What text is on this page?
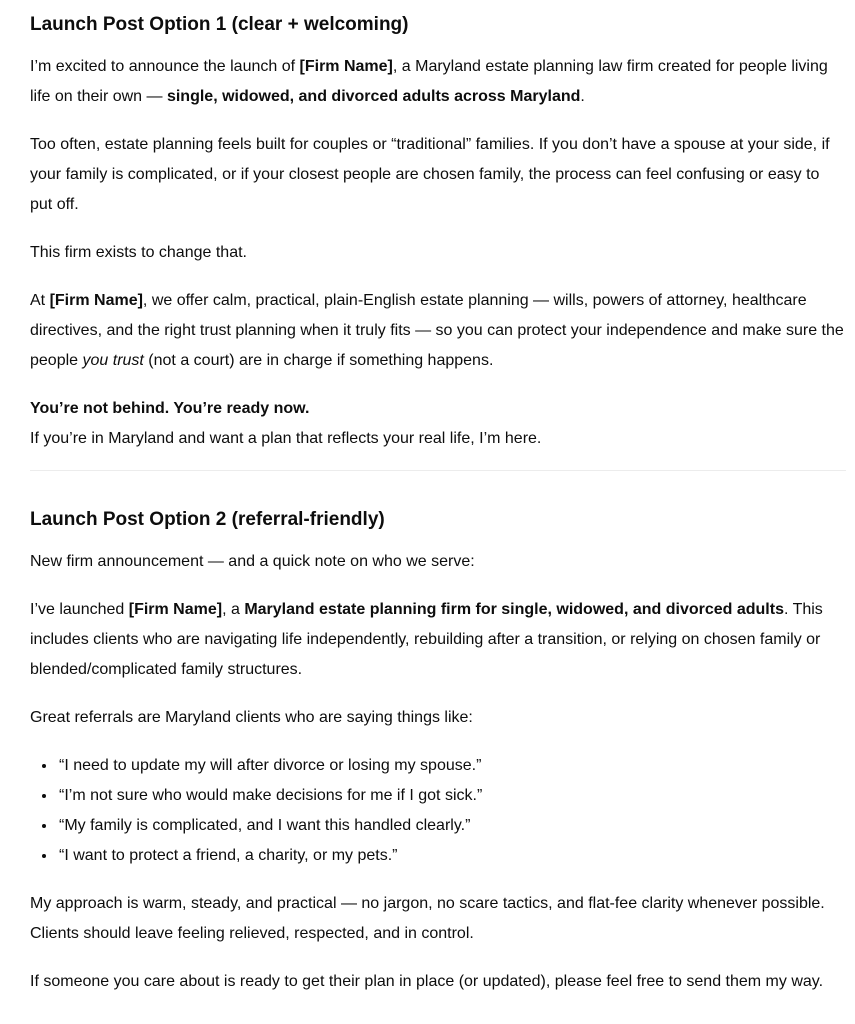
Launch Post Option 1 (clear + welcoming)

I’m excited to announce the launch of [Firm Name], a Maryland estate planning law firm created for people living life on their own — single, widowed, and divorced adults across Maryland.

Too often, estate planning feels built for couples or “traditional” families. If you don’t have a spouse at your side, if your family is complicated, or if your closest people are chosen family, the process can feel confusing or easy to put off.

This firm exists to change that.

At [Firm Name], we offer calm, practical, plain-English estate planning — wills, powers of attorney, healthcare directives, and the right trust planning when it truly fits — so you can protect your independence and make sure the people you trust (not a court) are in charge if something happens.

You’re not behind. You’re ready now.
If you’re in Maryland and want a plan that reflects your real life, I’m here.

Launch Post Option 2 (referral-friendly)

New firm announcement — and a quick note on who we serve:

I’ve launched [Firm Name], a Maryland estate planning firm for single, widowed, and divorced adults. This includes clients who are navigating life independently, rebuilding after a transition, or relying on chosen family or blended/complicated family structures.

Great referrals are Maryland clients who are saying things like:

• “I need to update my will after divorce or losing my spouse.”
• “I’m not sure who would make decisions for me if I got sick.”
• “My family is complicated, and I want this handled clearly.”
• “I want to protect a friend, a charity, or my pets.”

My approach is warm, steady, and practical — no jargon, no scare tactics, and flat-fee clarity whenever possible. Clients should leave feeling relieved, respected, and in control.

If someone you care about is ready to get their plan in place (or updated), please feel free to send them my way.
